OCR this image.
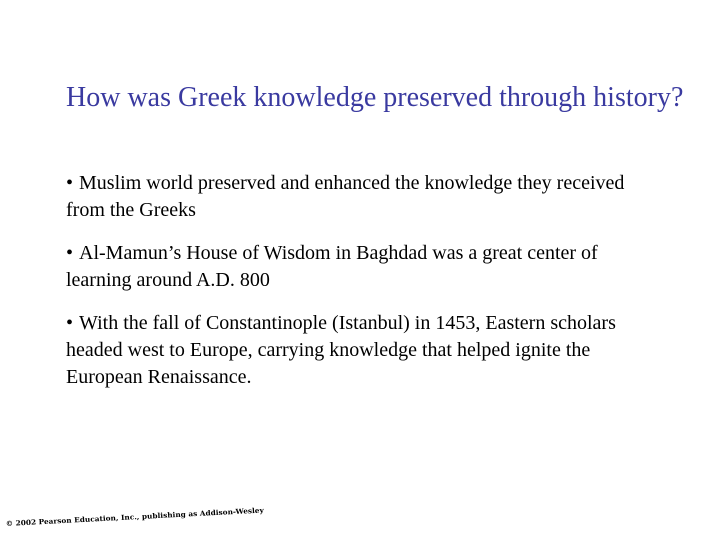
How was Greek knowledge preserved through history?
• Muslim world preserved and enhanced the knowledge they received from the Greeks
• Al-Mamun’s House of Wisdom in Baghdad was a great center of learning around A.D. 800
• With the fall of Constantinople (Istanbul) in 1453, Eastern scholars headed west to Europe, carrying knowledge that helped ignite the European Renaissance.
© 2002 Pearson Education, Inc., publishing as Addison-Wesley
